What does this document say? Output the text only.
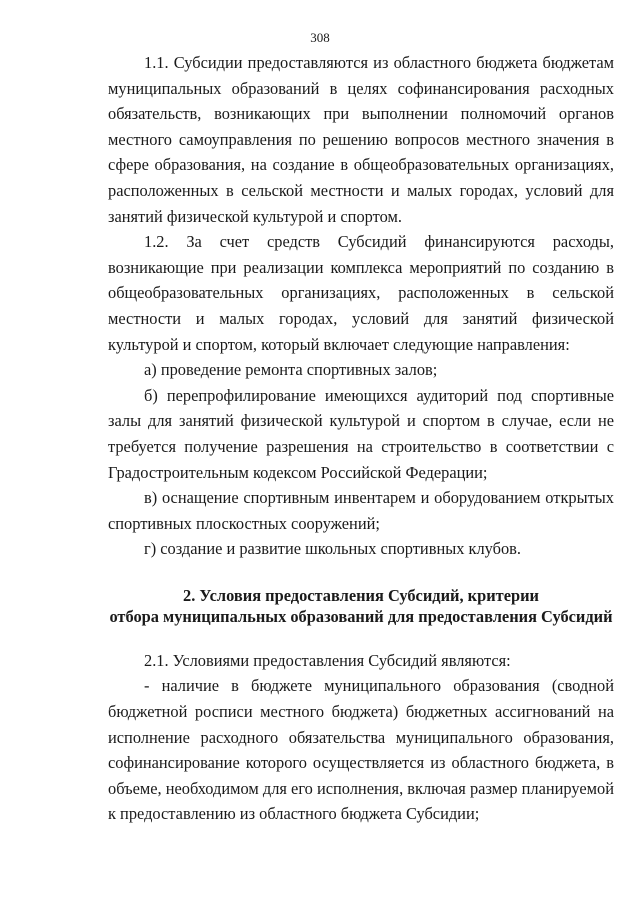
308

1.1. Субсидии предоставляются из областного бюджета бюджетам муниципальных образований в целях софинансирования расходных обязательств, возникающих при выполнении полномочий органов местного самоуправления по решению вопросов местного значения в сфере образования, на создание в общеобразовательных организациях, расположенных в сельской местности и малых городах, условий для занятий физической культурой и спортом.

1.2. За счет средств Субсидий финансируются расходы, возникающие при реализации комплекса мероприятий по созданию в общеобразовательных организациях, расположенных в сельской местности и малых городах, условий для занятий физической культурой и спортом, который включает следующие направления:

а) проведение ремонта спортивных залов;

б) перепрофилирование имеющихся аудиторий под спортивные залы для занятий физической культурой и спортом в случае, если не требуется получение разрешения на строительство в соответствии с Градостроительным кодексом Российской Федерации;

в) оснащение спортивным инвентарем и оборудованием открытых спортивных плоскостных сооружений;

г) создание и развитие школьных спортивных клубов.

2. Условия предоставления Субсидий, критерии
отбора муниципальных образований для предоставления Субсидий

2.1. Условиями предоставления Субсидий являются:

- наличие в бюджете муниципального образования (сводной бюджетной росписи местного бюджета) бюджетных ассигнований на исполнение расходного обязательства муниципального образования, софинансирование которого осуществляется из областного бюджета, в объеме, необходимом для его исполнения, включая размер планируемой к предоставлению из областного бюджета Субсидии;
